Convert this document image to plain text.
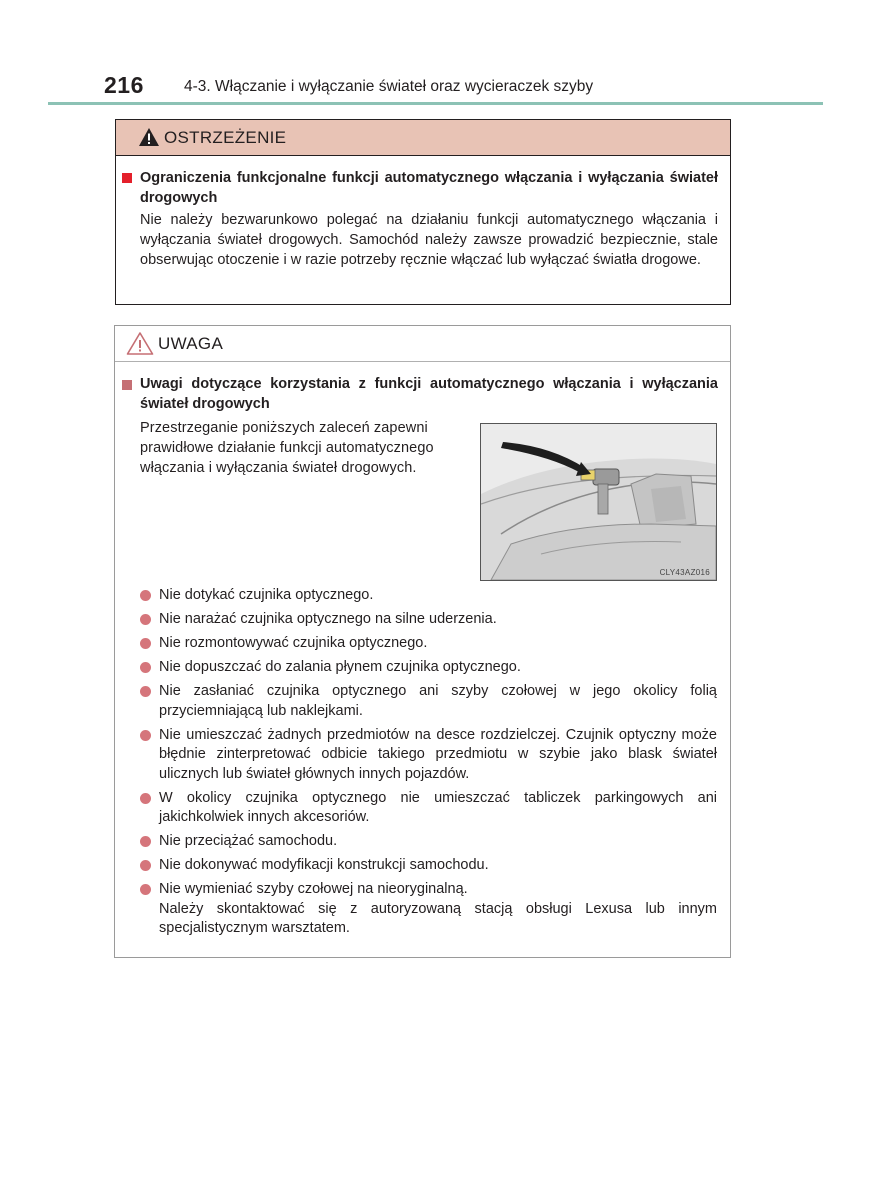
216	4-3. Włączanie i wyłączanie świateł oraz wycieraczek szyby
OSTRZEŻENIE
Ograniczenia funkcjonalne funkcji automatycznego włączania i wyłączania świateł drogowych
Nie należy bezwarunkowo polegać na działaniu funkcji automatycznego włączania i wyłączania świateł drogowych. Samochód należy zawsze prowadzić bezpiecznie, stale obserwując otoczenie i w razie potrzeby ręcznie włączać lub wyłączać światła drogowe.
UWAGA
Uwagi dotyczące korzystania z funkcji automatycznego włączania i wyłączania świateł drogowych
Przestrzeganie poniższych zaleceń zapewni prawidłowe działanie funkcji automatycznego włączania i wyłączania świateł drogowych.
CLY43AZ016
Nie dotykać czujnika optycznego.
Nie narażać czujnika optycznego na silne uderzenia.
Nie rozmontowywać czujnika optycznego.
Nie dopuszczać do zalania płynem czujnika optycznego.
Nie zasłaniać czujnika optycznego ani szyby czołowej w jego okolicy folią przyciemniającą lub naklejkami.
Nie umieszczać żadnych przedmiotów na desce rozdzielczej. Czujnik optyczny może błędnie zinterpretować odbicie takiego przedmiotu w szybie jako blask świateł ulicznych lub świateł głównych innych pojazdów.
W okolicy czujnika optycznego nie umieszczać tabliczek parkingowych ani jakichkolwiek innych akcesoriów.
Nie przeciążać samochodu.
Nie dokonywać modyfikacji konstrukcji samochodu.
Nie wymieniać szyby czołowej na nieoryginalną.
Należy skontaktować się z autoryzowaną stacją obsługi Lexusa lub innym specjalistycznym warsztatem.
